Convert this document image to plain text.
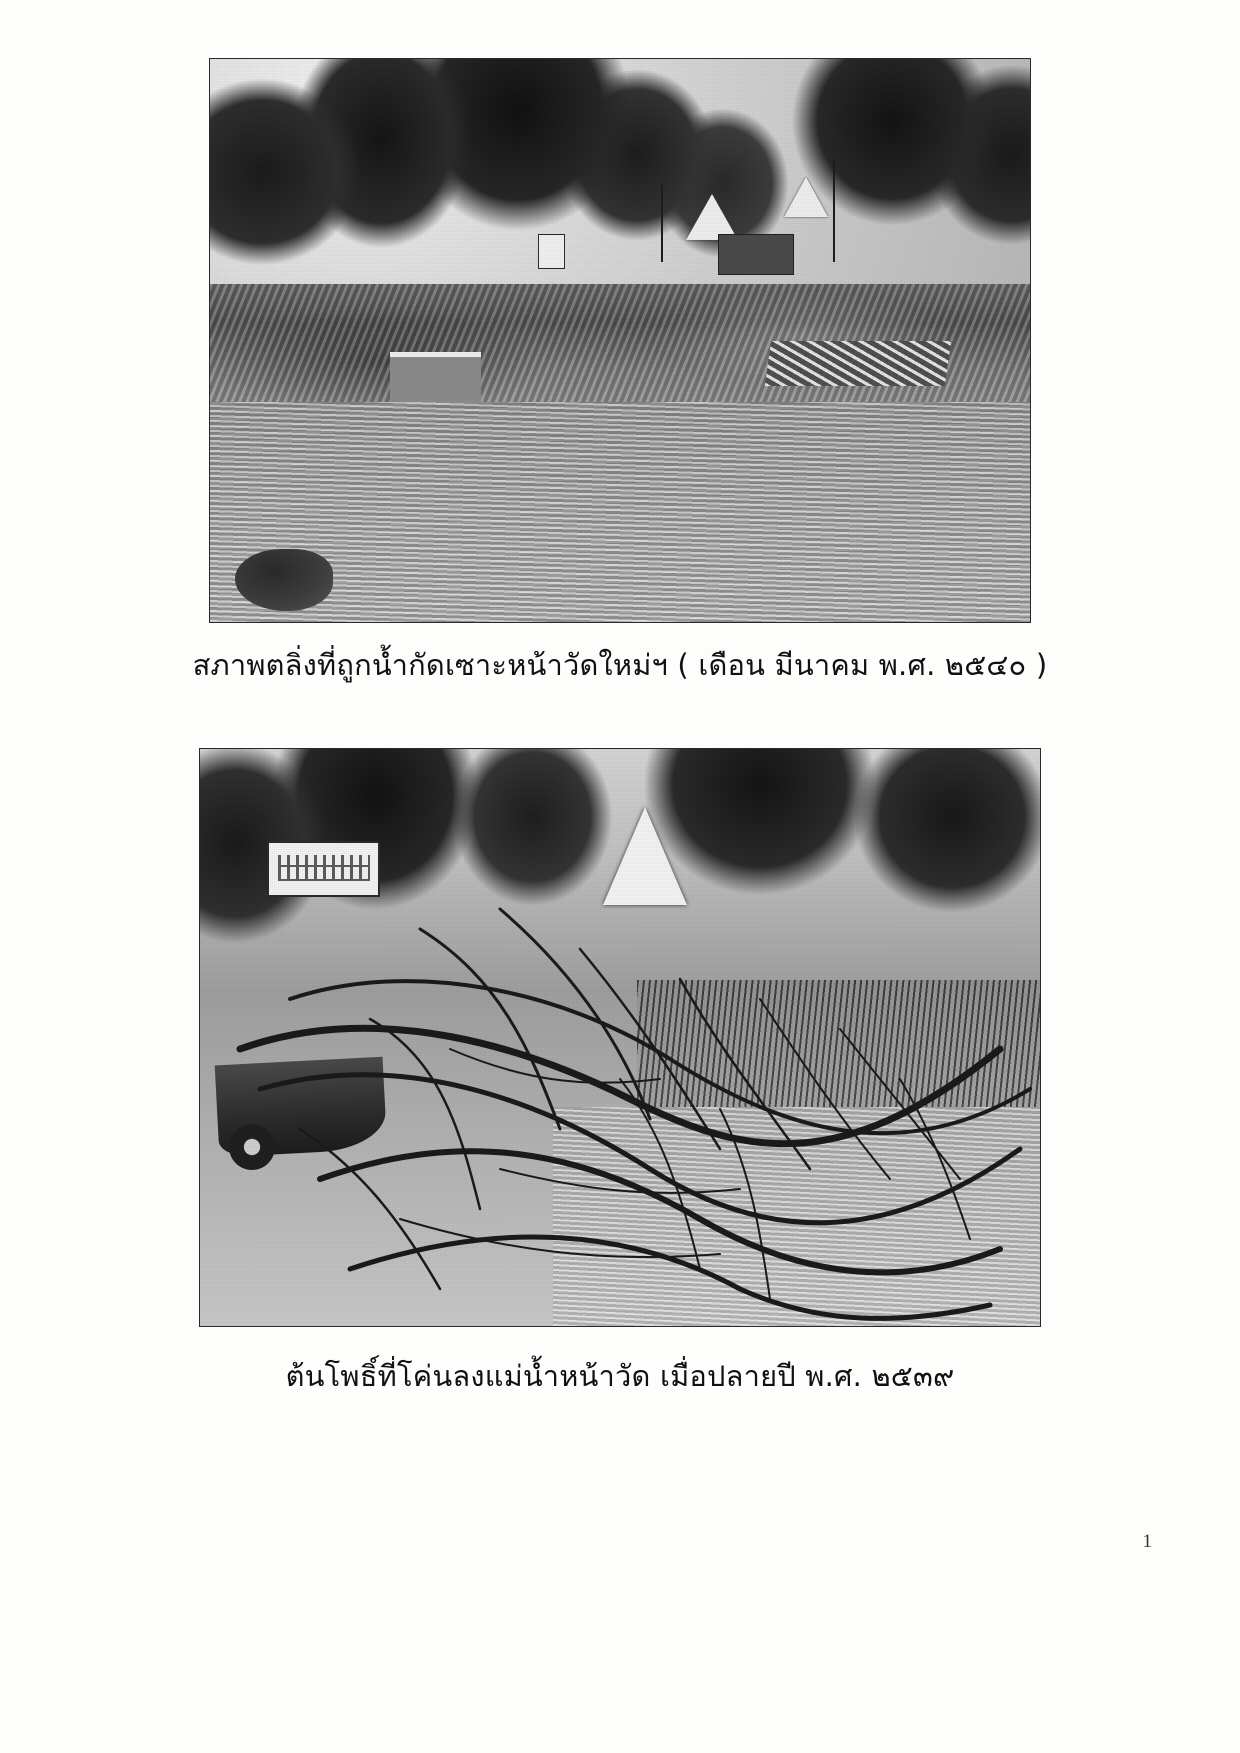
สภาพตลิ่งที่ถูกน้ำกัดเซาะหน้าวัดใหม่ฯ ( เดือน มีนาคม พ.ศ. ๒๕๔๐ )
ต้นโพธิ์ที่โค่นลงแม่น้ำหน้าวัด เมื่อปลายปี พ.ศ. ๒๕๓๙
1
